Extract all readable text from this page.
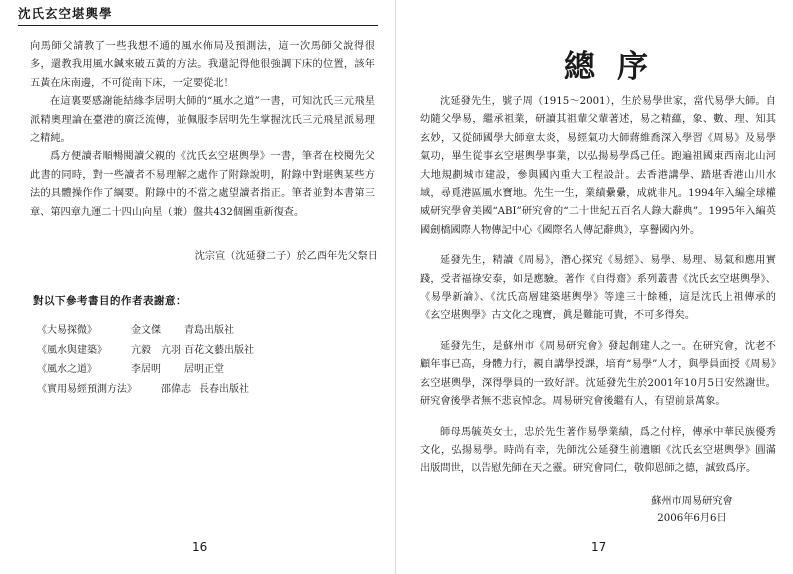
沈氏玄空堪輿學

向馬師父請教了一些我想不通的風水佈局及預測法，這一次馬師父說得很多，還教我用風水鍼來破五黃的方法。我還記得他很強調下床的位置，該年五黃在床南邊，不可從南下床，一定要從北！

在這裏要感謝能結緣李居明大師的“風水之道”一書，可知沈氏三元飛星派精奧理論在臺港的廣泛流傳，並佩服李居明先生掌握沈氏三元飛星派易理之精純。

爲方便讀者順暢閱讀父親的《沈氏玄空堪輿學》一書，筆者在校閱先父此書的同時，對一些讀者不易理解之處作了附錄說明，附錄中對堪輿某些方法的具體操作作了綱要。附錄中的不當之處望讀者指正。筆者並對本書第三章、第四章九運二十四山向星（兼）盤共432個圖重新復查。

沈宗宣（沈延發二子）於乙酉年先父祭日
對以下參考書目的作者表謝意：
《大易探微》	金文傑	青島出版社
《風水與建築》	亢毅　亢羽 百花文藝出版社
《風水之道》	李居明	居明正堂
《實用易經預測方法》	邵偉志 長春出版社
16
總序

沈延發先生，號子周（1915～2001），生於易學世家，當代易學大師。自幼隨父學易，繼承祖業，研讀其祖輩父輩著述，易之精蘊，象、數、理、知其玄妙，又從師國學大師章太炎，易經氣功大師蔣維喬深入學習《周易》及易學氣功，畢生從事玄空堪輿學事業，以弘揚易學爲己任。跑遍祖國東西南北山河大地規劃城市建設，參與國內重大工程設計。去香港講學、踏堪香港山川水域，尋覓港區風水寶地。先生一生，業績纍纍，成就非凡。1994年入編全球權威研究學會美國“ABI”研究會的“二十世紀五百名人錄大辭典”。1995年入編英國劍橋國際人物傳記中心《國際名人傳記辭典》，享譽國內外。

延發先生，精讀《周易》，潛心探究《易經》、易學、易理、易氣和應用實踐，受者福祿安泰，如是應驗。著作《自得齋》系列叢書《沈氏玄空堪輿學》、《易學新論》、《沈氏高層建築堪輿學》等達三十餘種，這是沈氏上祖傳承的《玄空堪輿學》古文化之瑰寶，眞是難能可貴，不可多得矣。

延發先生，是蘇州市《周易研究會》發起創建人之一。在研究會，沈老不顧年事已高，身體力行，親自講學授課，培育“易學”人才，與學員面授《周易》玄空堪輿學，深得學員的一致好評。沈延發先生於2001年10月5日安然謝世。研究會後學者無不悲哀悼念。周易研究會後繼有人，有望前景萬象。

師母馬毓英女士，忠於先生著作易學業績，爲之付梓，傳承中華民族優秀文化，弘揚易學。時尚有幸，先師沈公延發生前遺願《沈氏玄空堪輿學》圓滿出版問世，以告慰先師在天之靈。研究會同仁，敬仰恩師之德，誠致爲序。

蘇州市周易研究會
2006年6月6日
17
